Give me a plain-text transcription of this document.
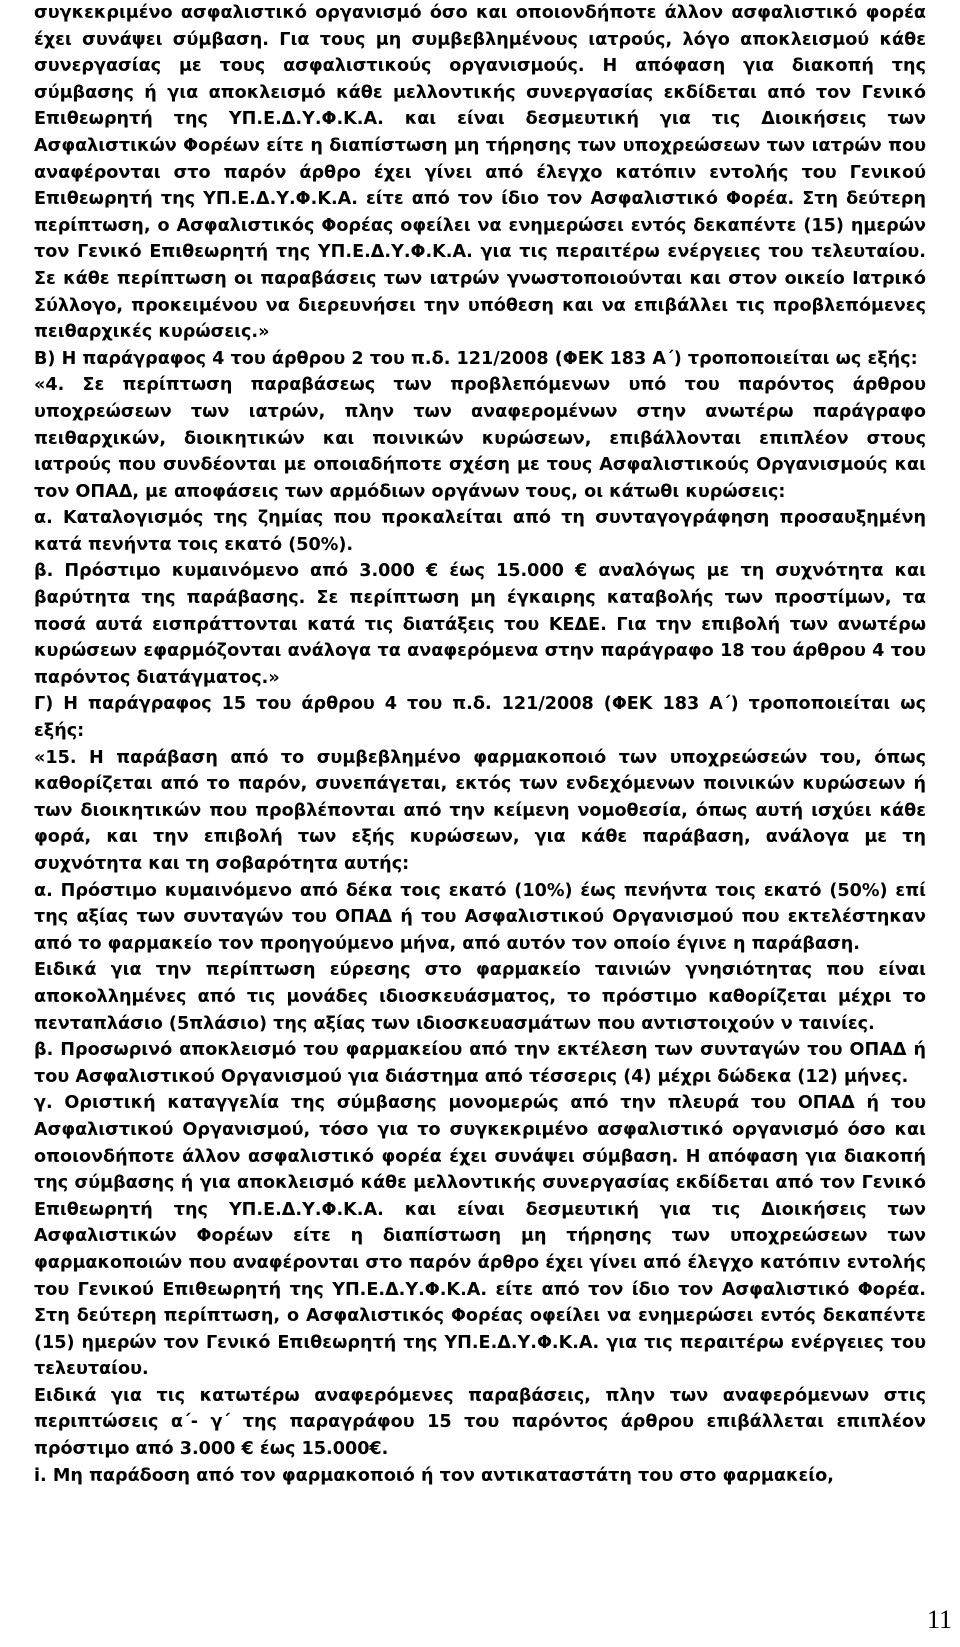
συγκεκριμένο ασφαλιστικό οργανισμό όσο και οποιονδήποτε άλλον ασφαλιστικό φορέα έχει συνάψει σύμβαση. Για τους μη συμβεβλημένους ιατρούς, λόγο αποκλεισμού κάθε συνεργασίας με τους ασφαλιστικούς οργανισμούς. Η απόφαση για διακοπή της σύμβασης ή για αποκλεισμό κάθε μελλοντικής συνεργασίας εκδίδεται από τον Γενικό Επιθεωρητή της ΥΠ.Ε.Δ.Υ.Φ.Κ.Α. και είναι δεσμευτική για τις Διοικήσεις των Ασφαλιστικών Φορέων είτε η διαπίστωση μη τήρησης των υποχρεώσεων των ιατρών που αναφέρονται στο παρόν άρθρο έχει γίνει από έλεγχο κατόπιν εντολής του Γενικού Επιθεωρητή της ΥΠ.Ε.Δ.Υ.Φ.Κ.Α. είτε από τον ίδιο τον Ασφαλιστικό Φορέα. Στη δεύτερη περίπτωση, ο Ασφαλιστικός Φορέας οφείλει να ενημερώσει εντός δεκαπέντε (15) ημερών τον Γενικό Επιθεωρητή της ΥΠ.Ε.Δ.Υ.Φ.Κ.Α. για τις περαιτέρω ενέργειες του τελευταίου. Σε κάθε περίπτωση οι παραβάσεις των ιατρών γνωστοποιούνται και στον οικείο Ιατρικό Σύλλογο, προκειμένου να διερευνήσει την υπόθεση και να επιβάλλει τις προβλεπόμενες πειθαρχικές κυρώσεις.»

Β) Η παράγραφος 4 του άρθρου 2 του π.δ. 121/2008 (ΦΕΚ 183 Α΄) τροποποιείται ως εξής:

«4. Σε περίπτωση παραβάσεως των προβλεπόμενων υπό του παρόντος άρθρου υποχρεώσεων των ιατρών, πλην των αναφερομένων στην ανωτέρω παράγραφο πειθαρχικών, διοικητικών και ποινικών κυρώσεων, επιβάλλονται επιπλέον στους ιατρούς που συνδέονται με οποιαδήποτε σχέση με τους Ασφαλιστικούς Οργανισμούς και τον ΟΠΑΔ, με αποφάσεις των αρμόδιων οργάνων τους, οι κάτωθι κυρώσεις:

α. Καταλογισμός της ζημίας που προκαλείται από τη συνταγογράφηση προσαυξημένη κατά πενήντα τοις εκατό (50%).

β. Πρόστιμο κυμαινόμενο από 3.000 € έως 15.000 € αναλόγως με τη συχνότητα και βαρύτητα της παράβασης. Σε περίπτωση μη έγκαιρης καταβολής των προστίμων, τα ποσά αυτά εισπράττονται κατά τις διατάξεις του ΚΕΔΕ. Για την επιβολή των ανωτέρω κυρώσεων εφαρμόζονται ανάλογα τα αναφερόμενα στην παράγραφο 18 του άρθρου 4 του παρόντος διατάγματος.»

Γ) Η παράγραφος 15 του άρθρου 4 του π.δ. 121/2008 (ΦΕΚ 183 Α΄) τροποποιείται ως εξής:

«15. Η παράβαση από το συμβεβλημένο φαρμακοποιό των υποχρεώσεών του, όπως καθορίζεται από το παρόν, συνεπάγεται, εκτός των ενδεχόμενων ποινικών κυρώσεων ή των διοικητικών που προβλέπονται από την κείμενη νομοθεσία, όπως αυτή ισχύει κάθε φορά, και την επιβολή των εξής κυρώσεων, για κάθε παράβαση, ανάλογα με τη συχνότητα και τη σοβαρότητα αυτής:

α. Πρόστιμο κυμαινόμενο από δέκα τοις εκατό (10%) έως πενήντα τοις εκατό (50%) επί της αξίας των συνταγών του ΟΠΑΔ ή του Ασφαλιστικού Οργανισμού που εκτελέστηκαν από το φαρμακείο τον προηγούμενο μήνα, από αυτόν τον οποίο έγινε η παράβαση.

Ειδικά για την περίπτωση εύρεσης στο φαρμακείο ταινιών γνησιότητας που είναι αποκολλημένες από τις μονάδες ιδιοσκευάσματος, το πρόστιμο καθορίζεται μέχρι το πενταπλάσιο (5πλάσιο) της αξίας των ιδιοσκευασμάτων που αντιστοιχούν ν ταινίες.

β. Προσωρινό αποκλεισμό του φαρμακείου από την εκτέλεση των συνταγών του ΟΠΑΔ ή του Ασφαλιστικού Οργανισμού για διάστημα από τέσσερις (4) μέχρι δώδεκα (12) μήνες.

γ. Οριστική καταγγελία της σύμβασης μονομερώς από την πλευρά του ΟΠΑΔ ή του Ασφαλιστικού Οργανισμού, τόσο για το συγκεκριμένο ασφαλιστικό οργανισμό όσο και οποιονδήποτε άλλον ασφαλιστικό φορέα έχει συνάψει σύμβαση. Η απόφαση για διακοπή της σύμβασης ή για αποκλεισμό κάθε μελλοντικής συνεργασίας εκδίδεται από τον Γενικό Επιθεωρητή της ΥΠ.Ε.Δ.Υ.Φ.Κ.Α. και είναι δεσμευτική για τις Διοικήσεις των Ασφαλιστικών Φορέων είτε η διαπίστωση μη τήρησης των υποχρεώσεων των φαρμακοποιών που αναφέρονται στο παρόν άρθρο έχει γίνει από έλεγχο κατόπιν εντολής του Γενικού Επιθεωρητή της ΥΠ.Ε.Δ.Υ.Φ.Κ.Α. είτε από τον ίδιο τον Ασφαλιστικό Φορέα. Στη δεύτερη περίπτωση, ο Ασφαλιστικός Φορέας οφείλει να ενημερώσει εντός δεκαπέντε (15) ημερών τον Γενικό Επιθεωρητή της ΥΠ.Ε.Δ.Υ.Φ.Κ.Α. για τις περαιτέρω ενέργειες του τελευταίου.

Ειδικά για τις κατωτέρω αναφερόμενες παραβάσεις, πλην των αναφερόμενων στις περιπτώσεις α΄- γ΄ της παραγράφου 15 του παρόντος άρθρου επιβάλλεται επιπλέον πρόστιμο από 3.000 € έως 15.000€.

i. Μη παράδοση από τον φαρμακοποιό ή τον αντικαταστάτη του στο φαρμακείο,

11
